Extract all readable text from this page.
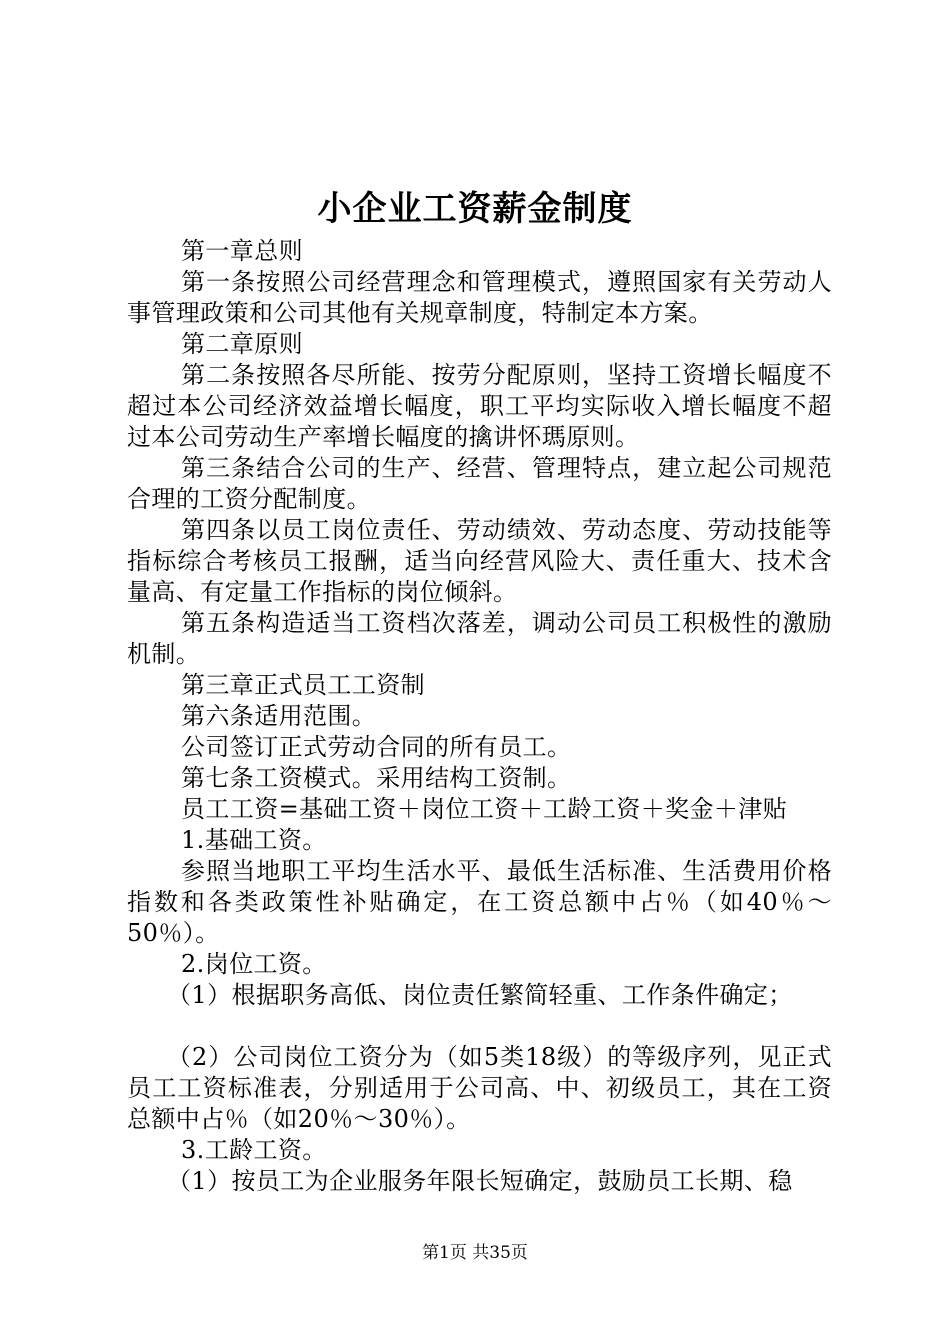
小企业工资薪金制度

第一章总则

第一条按照公司经营理念和管理模式，遵照国家有关劳动人事管理政策和公司其他有关规章制度，特制定本方案。

第二章原则

第二条按照各尽所能、按劳分配原则，坚持工资增长幅度不超过本公司经济效益增长幅度，职工平均实际收入增长幅度不超过本公司劳动生产率增长幅度的擒讲怀瑪原则。

第三条结合公司的生产、经营、管理特点，建立起公司规范合理的工资分配制度。

第四条以员工岗位责任、劳动绩效、劳动态度、劳动技能等指标综合考核员工报酬，适当向经营风险大、责任重大、技术含量高、有定量工作指标的岗位倾斜。

第五条构造适当工资档次落差，调动公司员工积极性的激励机制。

第三章正式员工工资制

第六条适用范围。

公司签订正式劳动合同的所有员工。

第七条工资模式。采用结构工资制。

员工工资=基础工资＋岗位工资＋工龄工资＋奖金＋津贴

1.基础工资。

参照当地职工平均生活水平、最低生活标准、生活费用价格指数和各类政策性补贴确定，在工资总额中占％（如40％～50％）。

2.岗位工资。

（1）根据职务高低、岗位责任繁简轻重、工作条件确定；

（2）公司岗位工资分为（如5类18级）的等级序列，见正式员工工资标准表，分别适用于公司高、中、初级员工，其在工资总额中占％（如20％～30％）。

3.工龄工资。

（1）按员工为企业服务年限长短确定，鼓励员工长期、稳

第1页 共35页
